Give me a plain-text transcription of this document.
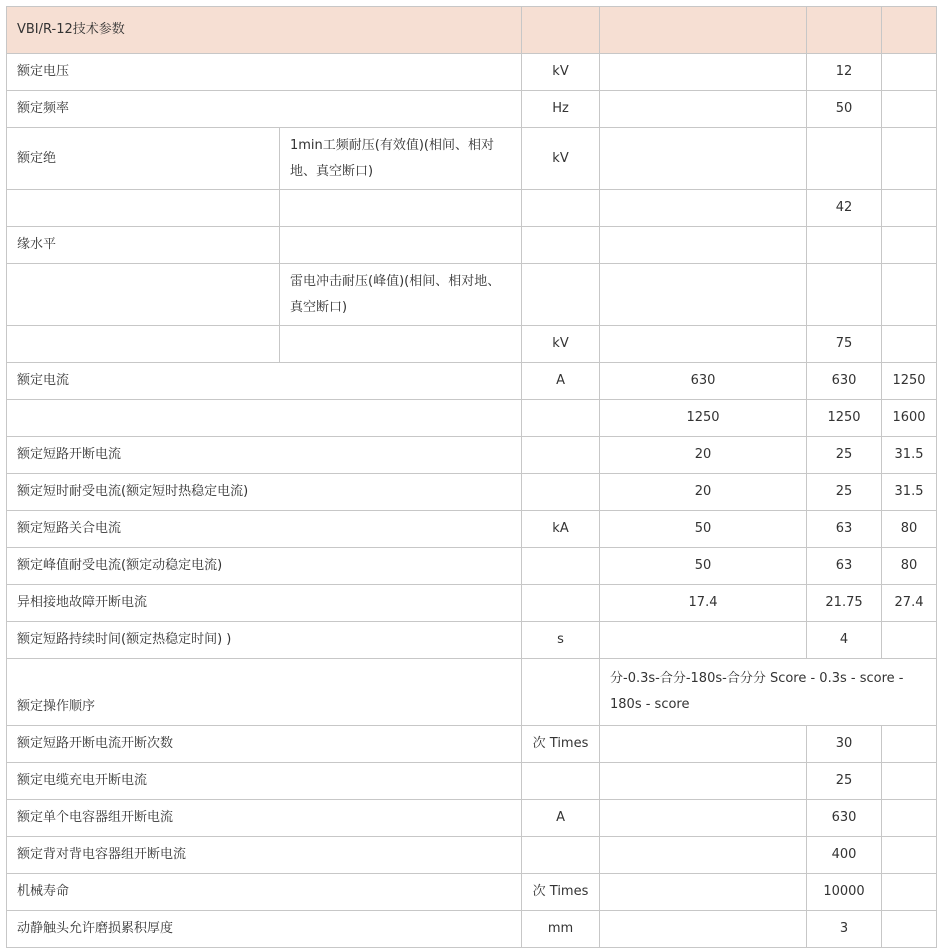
VBI/R-12技术参数					
额定电压		kV		12	
额定频率		Hz		50	
额定绝	1min工频耐压(有效值)(相间、相对地、真空断口)	kV			
				42	
缘水平					
	雷电冲击耐压(峰值)(相间、相对地、真空断口)				
		kV		75	
额定电流		A	630	630	1250
			1250	1250	1600
额定短路开断电流			20	25	31.5
额定短时耐受电流(额定短时热稳定电流)			20	25	31.5
额定短路关合电流		kA	50	63	80
额定峰值耐受电流(额定动稳定电流)			50	63	80
异相接地故障开断电流			17.4	21.75	27.4
额定短路持续时间(额定热稳定时间) )		s		4	
额定操作顺序			分-0.3s-合分-180s-合分分 Score - 0.3s - score - 180s - score		
额定短路开断电流开断次数		次 Times		30	
额定电缆充电开断电流				25	
额定单个电容器组开断电流		A		630	
额定背对背电容器组开断电流				400	
机械寿命		次 Times		10000	
动静触头允许磨损累积厚度		mm		3	
